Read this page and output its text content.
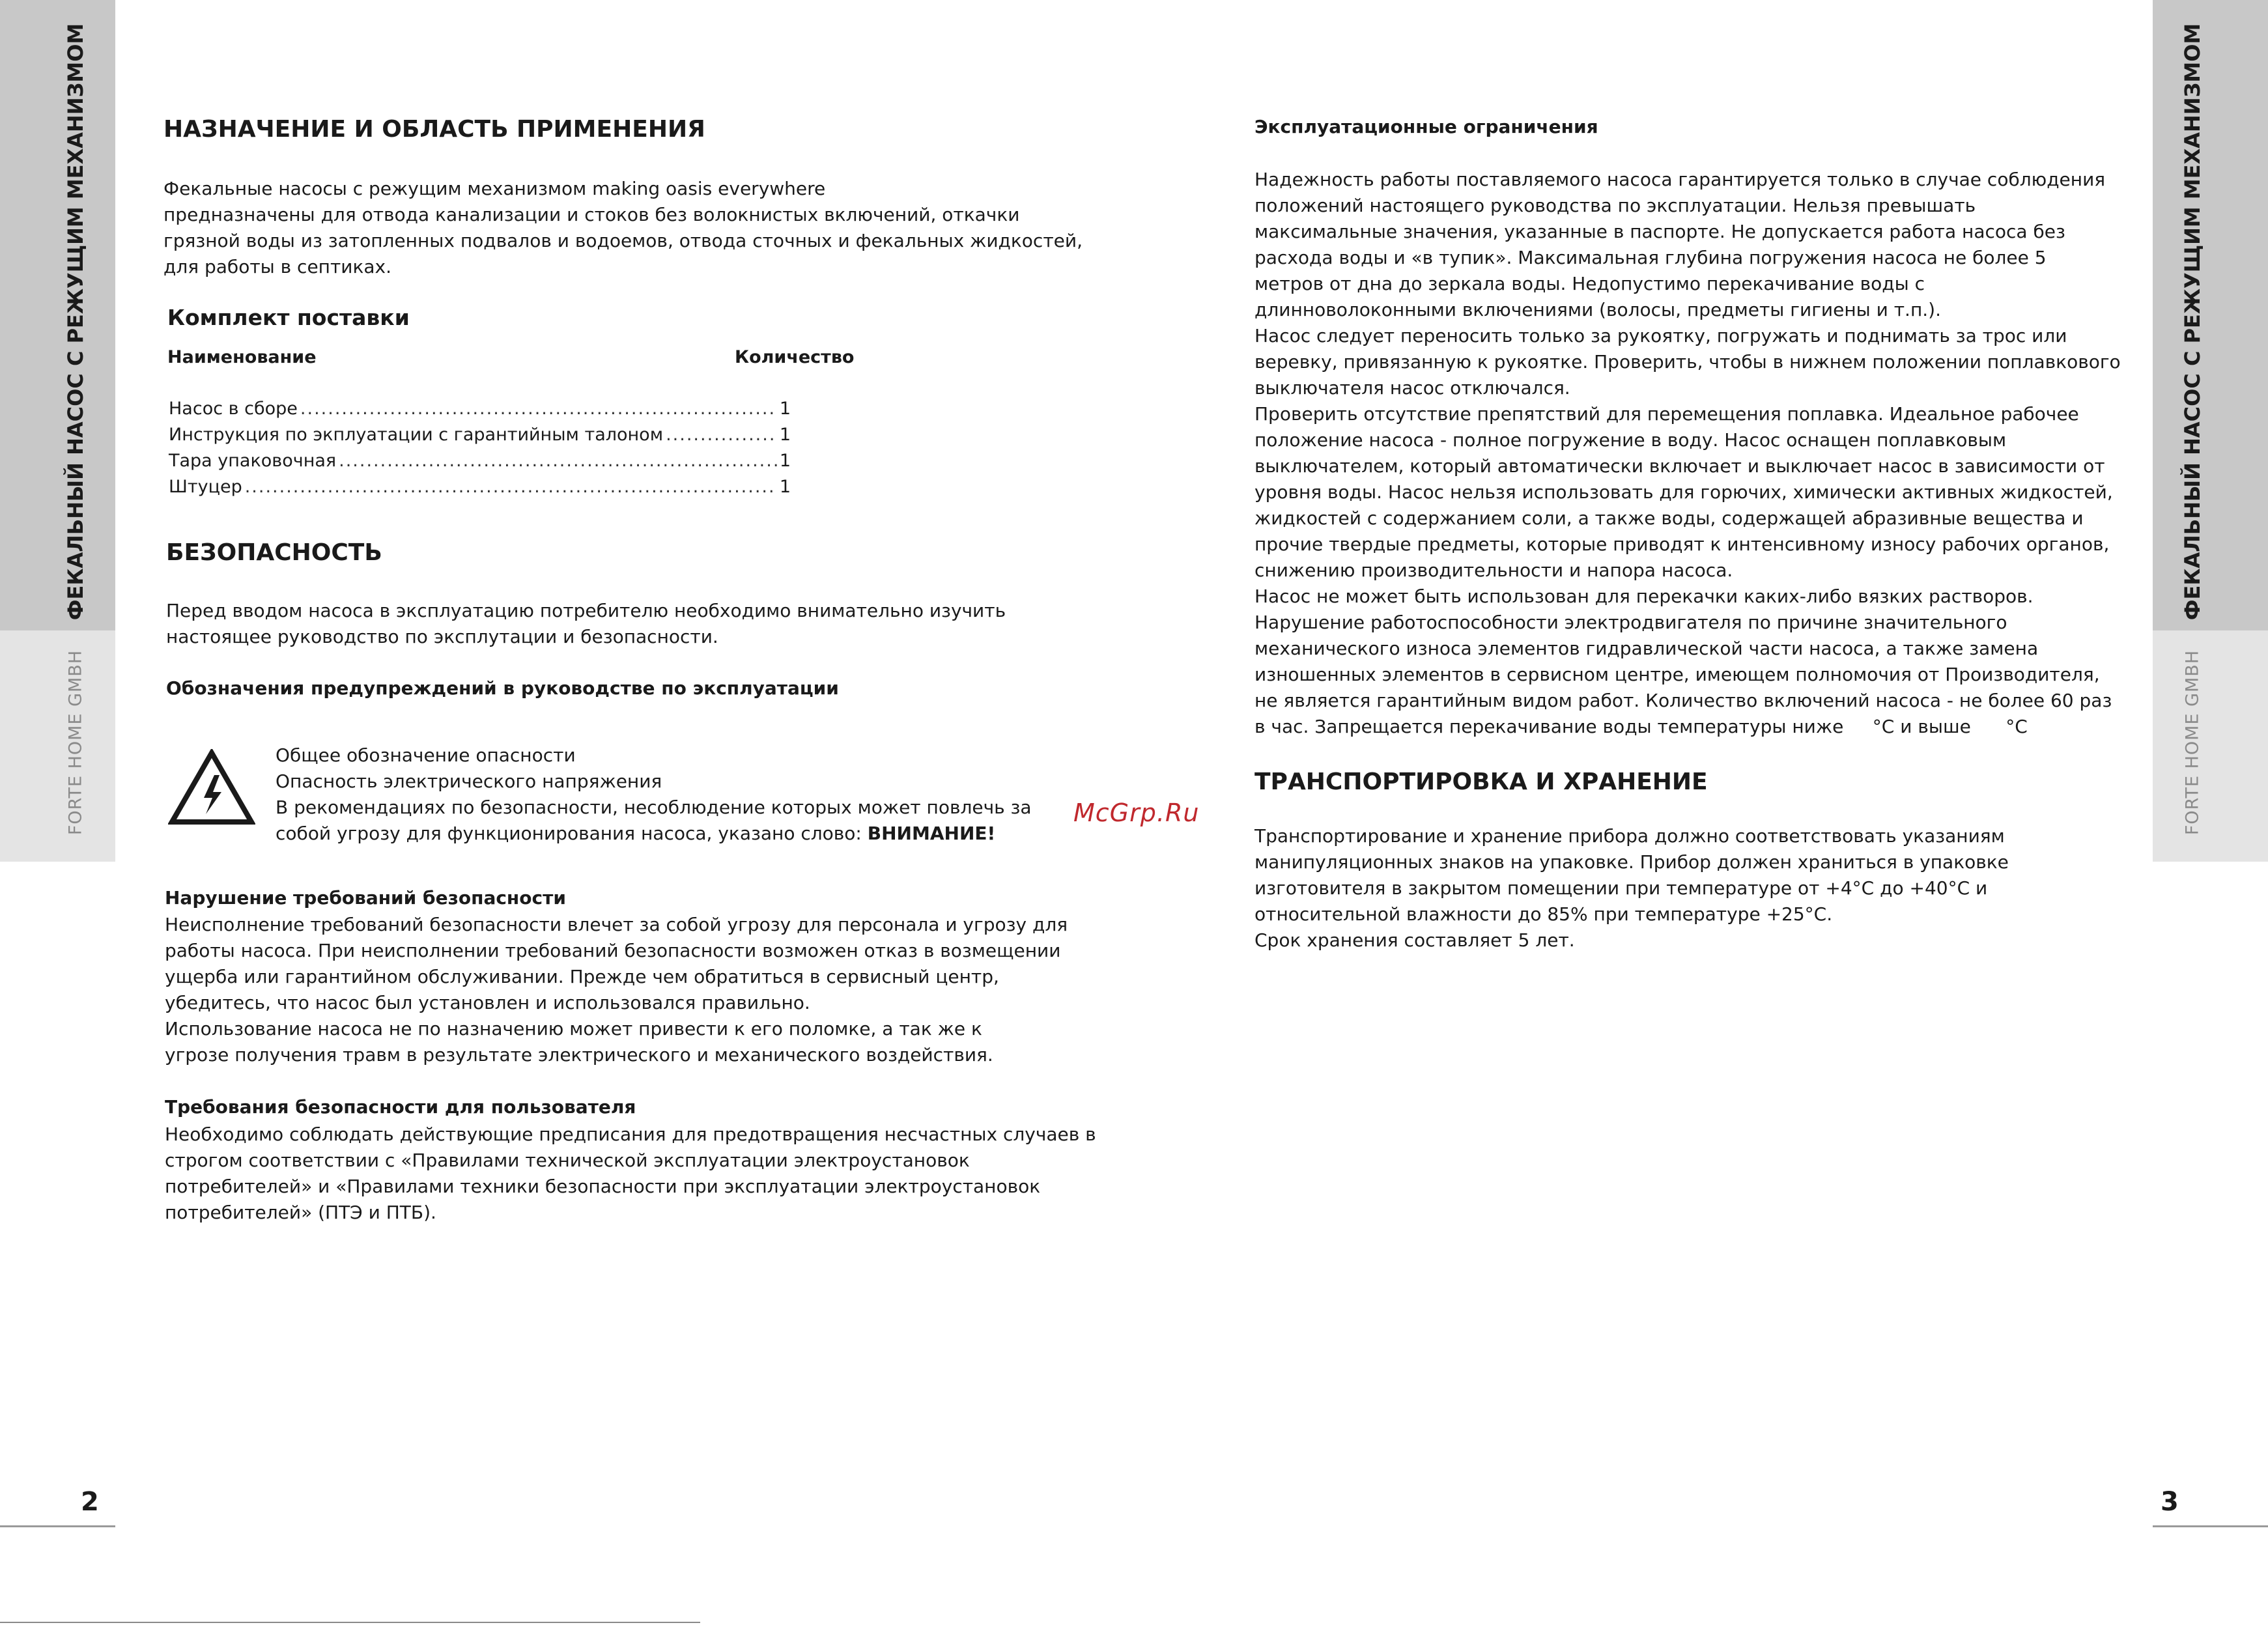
ФЕКАЛЬНЫЙ НАСОС С РЕЖУЩИМ МЕХАНИЗМОМ
FORTE HOME GMBH
ФЕКАЛЬНЫЙ НАСОС С РЕЖУЩИМ МЕХАНИЗМОМ
FORTE HOME GMBH
2	3
McGrp.Ru
НАЗНАЧЕНИЕ И ОБЛАСТЬ ПРИМЕНЕНИЯ
Фекальные насосы с режущим механизмом making oasis everywhere
предназначены для отвода канализации и стоков без волокнистых включений, откачки
грязной воды из затопленных подвалов и водоемов, отвода сточных и фекальных жидкостей,
для работы в септиках.
Комплект поставки
Наименование	Количество
Насос в сборе .....	1
Инструкция по экплуатации с гарантийным талоном .....	1
Тара упаковочная .....	1
Штуцер .....	1
БЕЗОПАСНОСТЬ
Перед вводом насоса в эксплуатацию потребителю необходимо внимательно изучить
настоящее руководство по эксплутации и безопасности.
Обозначения предупреждений в руководстве по эксплуатации
Общее обозначение опасности
Опасность электрического напряжения
В рекомендациях по безопасности, несоблюдение которых может повлечь за
собой угрозу для функционирования насоса, указано слово: ВНИМАНИЕ!
Нарушение требований безопасности
Неисполнение требований безопасности влечет за собой угрозу для персонала и угрозу для
работы насоса. При неисполнении требований безопасности возможен отказ в возмещении
ущерба или гарантийном обслуживании. Прежде чем обратиться в сервисный центр,
убедитесь, что насос был установлен и использовался правильно.
Использование насоса не по назначению может привести к его поломке, а так же к
угрозе получения травм в результате электрического и механического воздействия.
Требования безопасности для пользователя
Необходимо соблюдать действующие предписания для предотвращения несчастных случаев в
строгом соответствии с «Правилами технической эксплуатации электроустановок
потребителей» и «Правилами техники безопасности при эксплуатации электроустановок
потребителей» (ПТЭ и ПТБ).
Эксплуатационные ограничения
Надежность работы поставляемого насоса гарантируется только в случае соблюдения
положений настоящего руководства по эксплуатации. Нельзя превышать
максимальные значения, указанные в паспорте. Не допускается работа насоса без
расхода воды и «в тупик». Максимальная глубина погружения насоса не более 5
метров от дна до зеркала воды. Недопустимо перекачивание воды с
длинноволоконными включениями (волосы, предметы гигиены и т.п.).
Насос следует переносить только за рукоятку, погружать и поднимать за трос или
веревку, привязанную к рукоятке. Проверить, чтобы в нижнем положении поплавкового
выключателя насос отключался.
Проверить отсутствие препятствий для перемещения поплавка. Идеальное рабочее
положение насоса - полное погружение в воду. Насос оснащен поплавковым
выключателем, который автоматически включает и выключает насос в зависимости от
уровня воды. Насос нельзя использовать для горючих, химически активных жидкостей,
жидкостей с содержанием соли, а также воды, содержащей абразивные вещества и
прочие твердые предметы, которые приводят к интенсивному износу рабочих органов,
снижению производительности и напора насоса.
Насос не может быть использован для перекачки каких-либо вязких растворов.
Нарушение работоспособности электродвигателя по причине значительного
механического износа элементов гидравлической части насоса, а также замена
изношенных элементов в сервисном центре, имеющем полномочия от Производителя,
не является гарантийным видом работ. Количество включений насоса - не более 60 раз
в час. Запрещается перекачивание воды температуры ниже     °С и выше      °С
ТРАНСПОРТИРОВКА И ХРАНЕНИЕ
Транспортирование и хранение прибора должно соответствовать указаниям
манипуляционных знаков на упаковке. Прибор должен храниться в упаковке
изготовителя в закрытом помещении при температуре от +4°С до +40°С и
относительной влажности до 85% при температуре +25°С.
Срок хранения составляет 5 лет.
